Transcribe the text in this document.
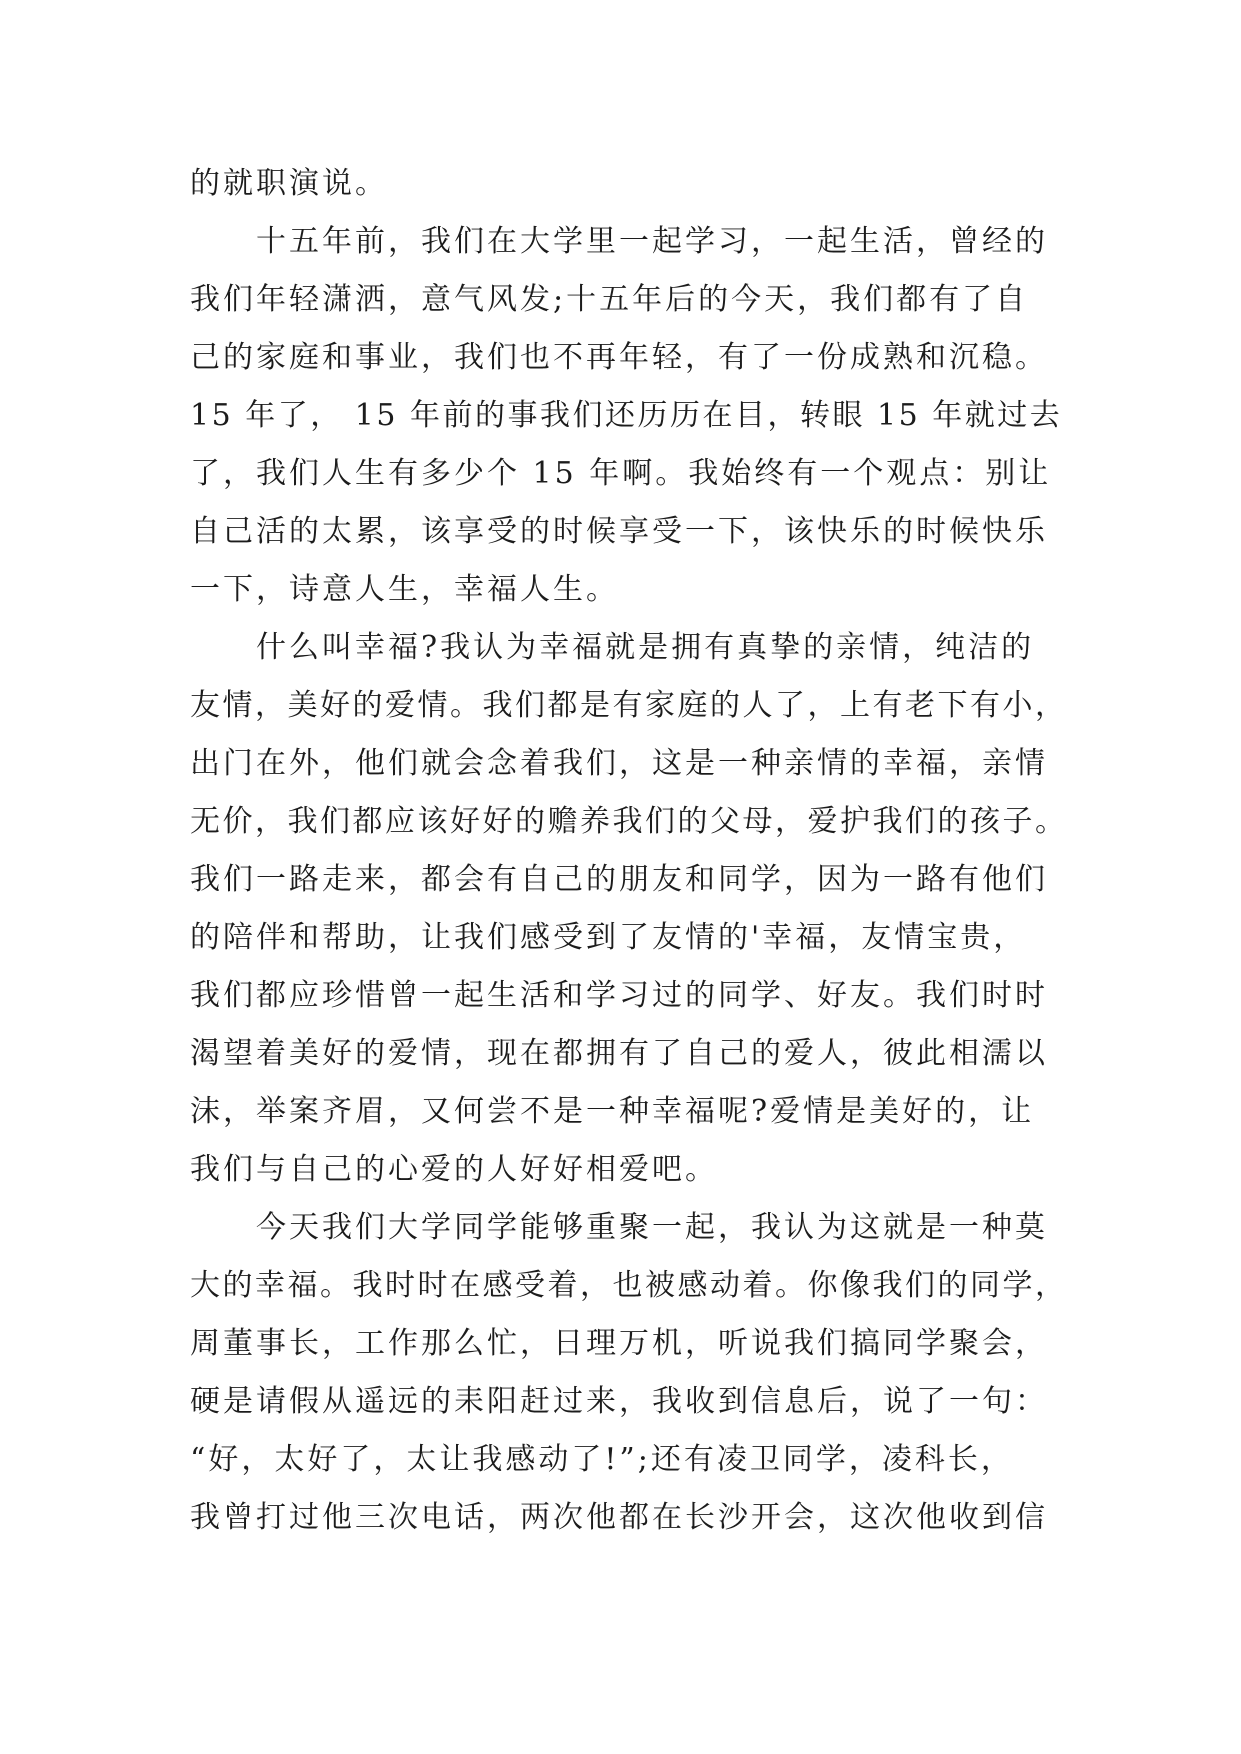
的就职演说。
十五年前，我们在大学里一起学习，一起生活，曾经的
我们年轻潇洒，意气风发;十五年后的今天，我们都有了自
己的家庭和事业，我们也不再年轻，有了一份成熟和沉稳。
15 年了， 15 年前的事我们还历历在目，转眼 15 年就过去
了，我们人生有多少个 15 年啊。我始终有一个观点：别让
自己活的太累，该享受的时候享受一下，该快乐的时候快乐
一下，诗意人生，幸福人生。
什么叫幸福?我认为幸福就是拥有真挚的亲情，纯洁的
友情，美好的爱情。我们都是有家庭的人了，上有老下有小，
出门在外，他们就会念着我们，这是一种亲情的幸福，亲情
无价，我们都应该好好的赡养我们的父母，爱护我们的孩子。
我们一路走来，都会有自己的朋友和同学，因为一路有他们
的陪伴和帮助，让我们感受到了友情的'幸福，友情宝贵，
我们都应珍惜曾一起生活和学习过的同学、好友。我们时时
渴望着美好的爱情，现在都拥有了自己的爱人，彼此相濡以
沫，举案齐眉，又何尝不是一种幸福呢?爱情是美好的，让
我们与自己的心爱的人好好相爱吧。
今天我们大学同学能够重聚一起，我认为这就是一种莫
大的幸福。我时时在感受着，也被感动着。你像我们的同学，
周董事长，工作那么忙，日理万机，听说我们搞同学聚会，
硬是请假从遥远的耒阳赶过来，我收到信息后，说了一句：
“好，太好了，太让我感动了!”;还有凌卫同学，凌科长，
我曾打过他三次电话，两次他都在长沙开会，这次他收到信
